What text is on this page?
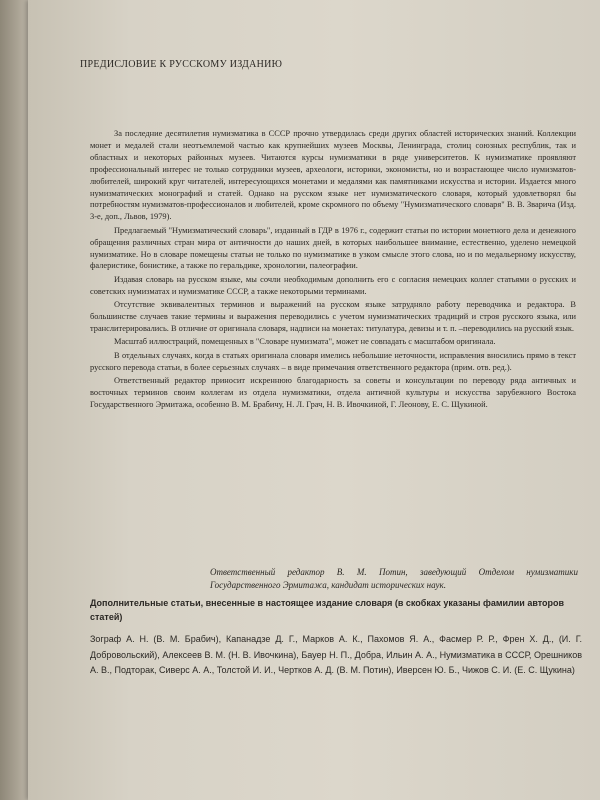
ПРЕДИСЛОВИЕ К РУССКОМУ ИЗДАНИЮ

За последние десятилетия нумизматика в СССР прочно утвердилась среди других областей исторических знаний. Коллекции монет и медалей стали неотъемлемой частью как крупнейших музеев Москвы, Ленинграда, столиц союзных республик, так и областных и некоторых районных музеев. Читаются курсы нумизматики в ряде университетов. К нумизматике проявляют профессиональный интерес не только сотрудники музеев, археологи, историки, экономисты, но и возрастающее число нумизматов-любителей, широкий круг читателей, интересующихся монетами и медалями как памятниками искусства и истории. Издается много нумизматических монографий и статей. Однако на русском языке нет нумизматического словаря, который удовлетворял бы потребностям нумизматов-профессионалов и любителей, кроме скромного по объему "Нумизматического словаря" В. В. Зварича (Изд. 3-е, доп., Львов, 1979).

Предлагаемый "Нумизматический словарь", изданный в ГДР в 1976 г., содержит статьи по истории монетного дела и денежного обращения различных стран мира от античности до наших дней, в которых наибольшее внимание, естественно, уделено немецкой нумизматике. Но в словаре помещены статьи не только по нумизматике в узком смысле этого слова, но и по медальерному искусству, фалеристике, бонистике, а также по геральдике, хронологии, палеографии.

Издавая словарь на русском языке, мы сочли необходимым дополнить его с согласия немецких коллег статьями о русских и советских нумизматах и нумизматике СССР, а также некоторыми терминами.

Отсутствие эквивалентных терминов и выражений на русском языке затрудняло работу переводчика и редактора. В большинстве случаев такие термины и выражения переводились с учетом нумизматических традиций и строя русского языка, или транслитерировались. В отличие от оригинала словаря, надписи на монетах: титулатура, девизы и т. п. –переводились на русский язык.

Масштаб иллюстраций, помещенных в "Словаре нумизмата", может не совпадать с масштабом оригинала.

В отдельных случаях, когда в статьях оригинала словаря имелись небольшие неточности, исправления вносились прямо в текст русского перевода статьи, в более серьезных случаях – в виде примечания ответственного редактора (прим. отв. ред.).

Ответственный редактор приносит искреннюю благодарность за советы и консультации по переводу ряда античных и восточных терминов своим коллегам из отдела нумизматики, отдела античной культуры и искусства зарубежного Востока Государственного Эрмитажа, особенно В. М. Брабичу, Н. Л. Грач, Н. В. Ивочкиной, Г. Леонову, Е. С. Щукиной.

Ответственный редактор В. М. Потин, заведующий Отделом нумизматики Государственного Эрмитажа, кандидат исторических наук.
Дополнительные статьи, внесенные в настоящее издание словаря (в скобках указаны фамилии авторов статей)

Зограф А. Н. (В. М. Брабич), Капанадзе Д. Г., Марков А. К., Пахомов Я. А., Фасмер Р. Р., Френ Х. Д., (И. Г. Добровольский), Алексеев В. М. (Н. В. Ивочкина), Бауер Н. П., Добра, Ильин А. А., Нумизматика в СССР, Орешников А. В., Подторак, Сиверс А. А., Толстой И. И., Чертков А. Д. (В. М. Потин), Иверсен Ю. Б., Чижов С. И. (Е. С. Щукина)
